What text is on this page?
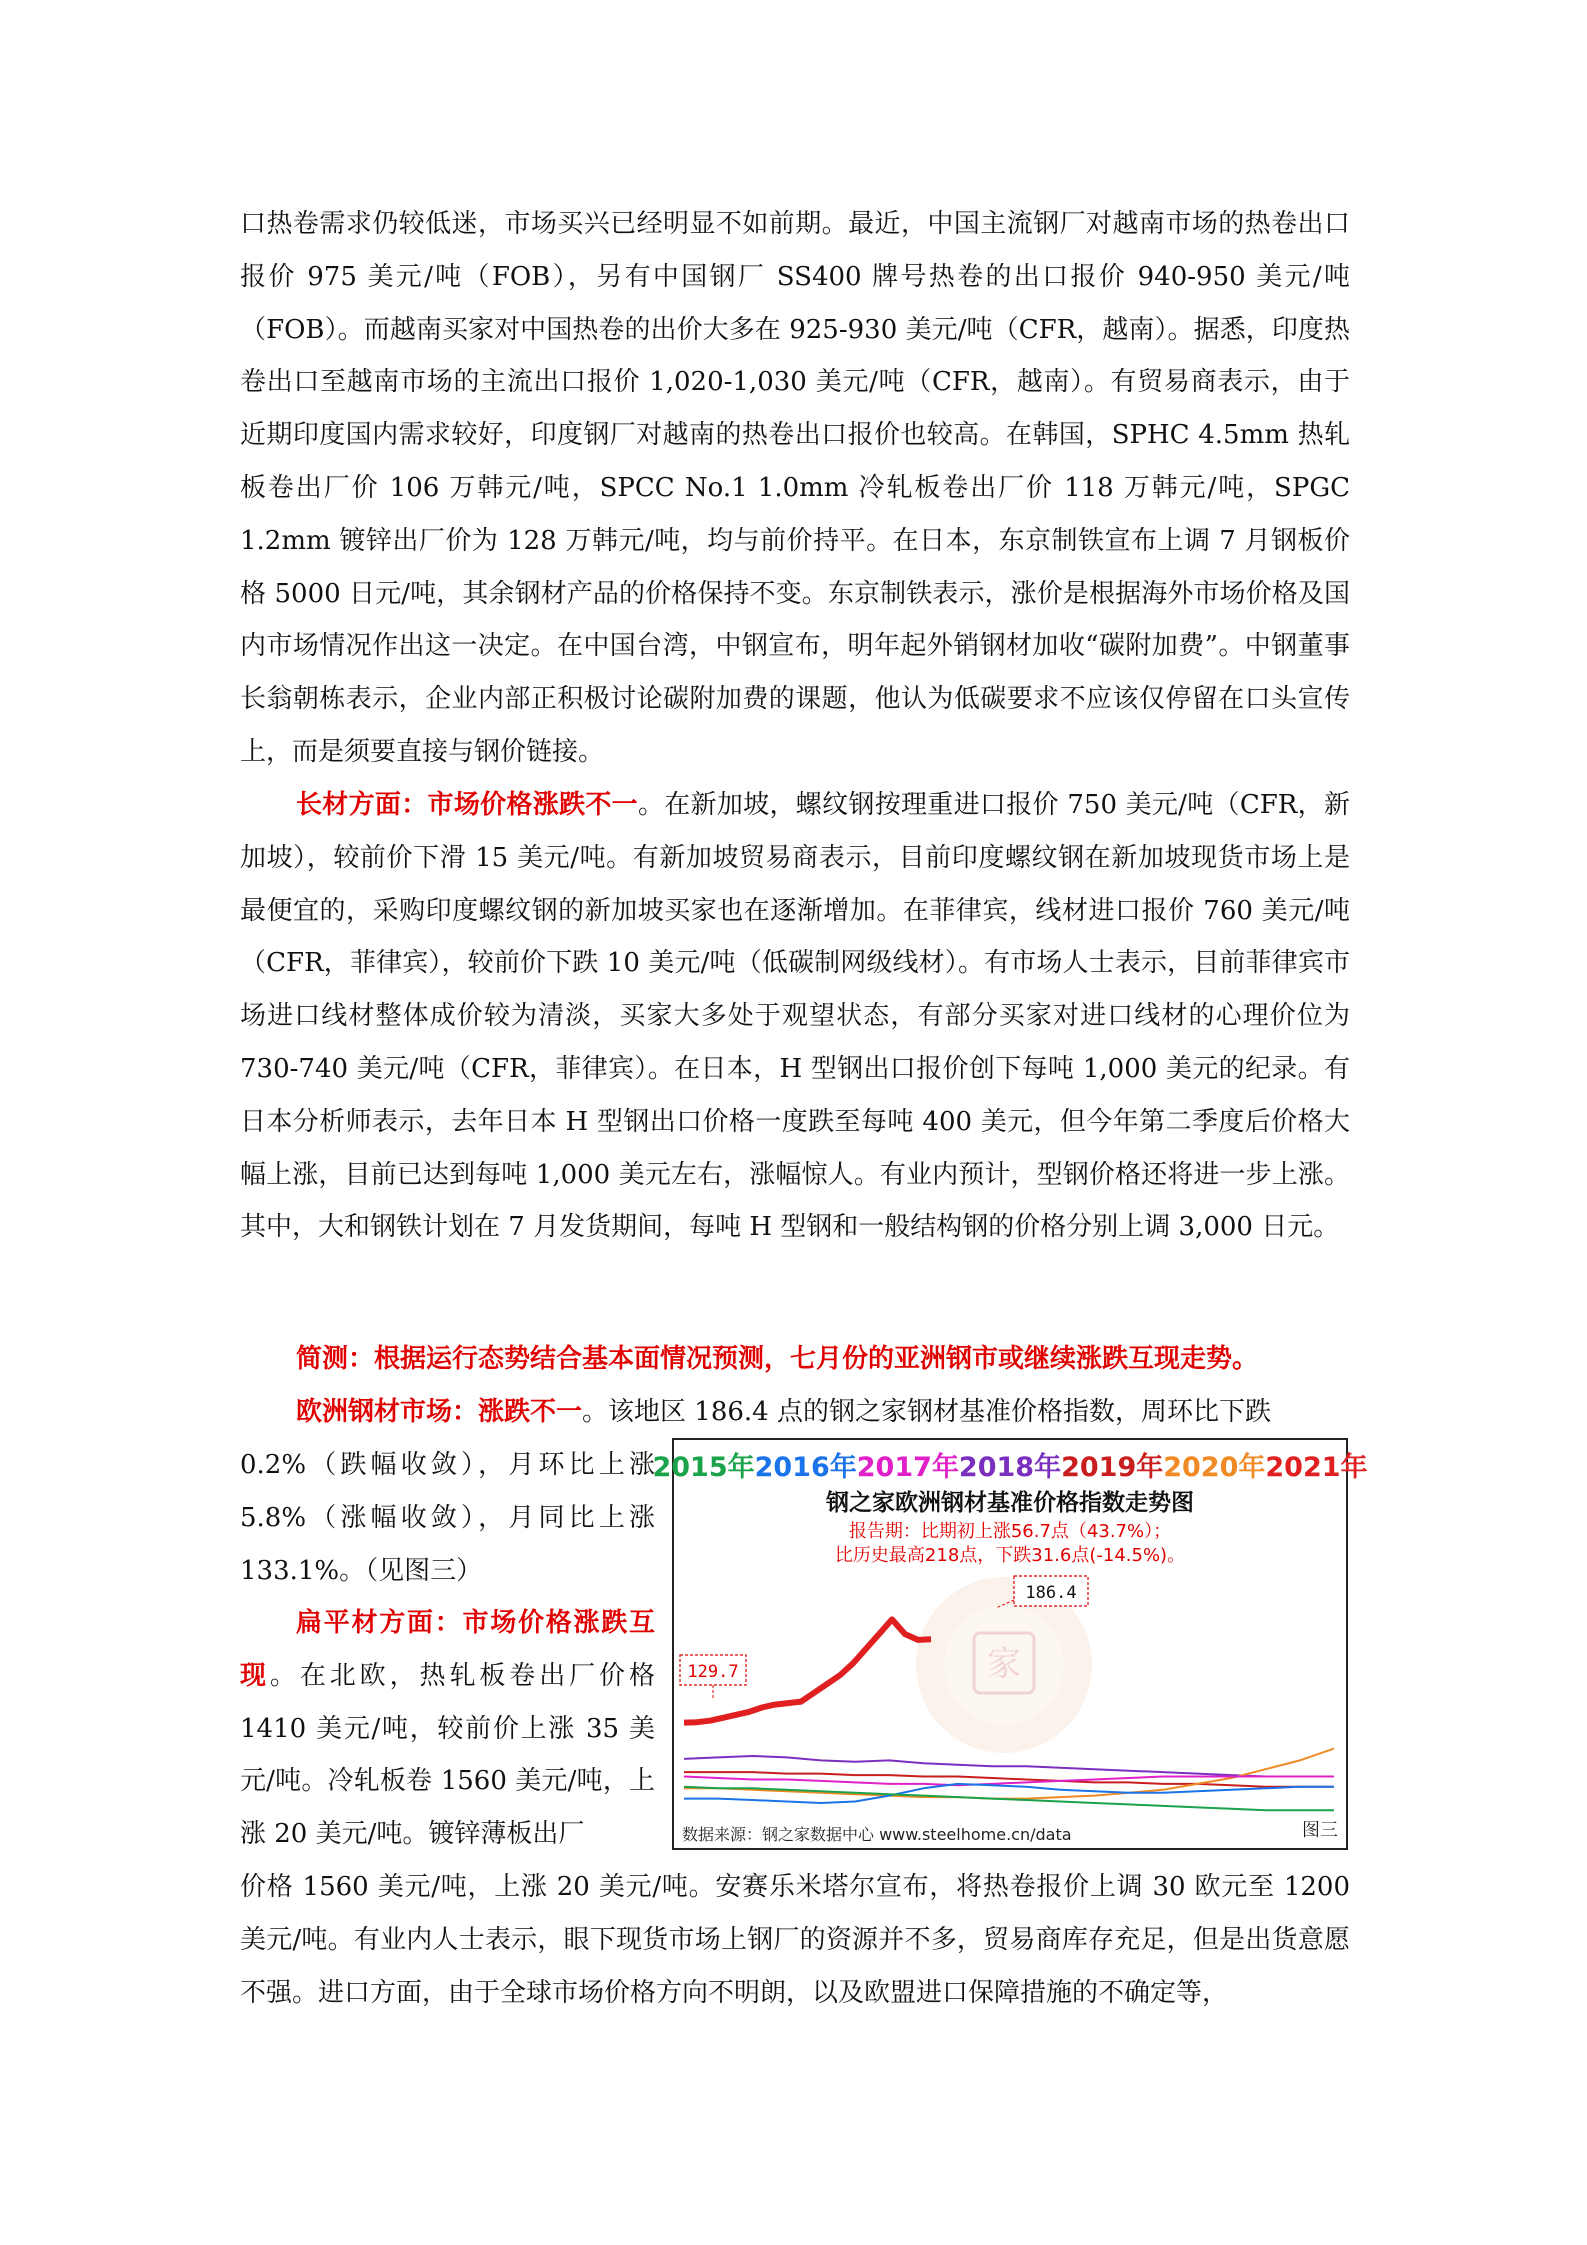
口热卷需求仍较低迷，市场买兴已经明显不如前期。最近，中国主流钢厂对越南市场的热卷出口报价 975 美元/吨（FOB），另有中国钢厂 SS400 牌号热卷的出口报价 940-950 美元/吨（FOB）。而越南买家对中国热卷的出价大多在 925-930 美元/吨（CFR，越南）。据悉，印度热卷出口至越南市场的主流出口报价 1,020-1,030 美元/吨（CFR，越南）。有贸易商表示，由于近期印度国内需求较好，印度钢厂对越南的热卷出口报价也较高。在韩国，SPHC 4.5mm 热轧板卷出厂价 106 万韩元/吨，SPCC No.1 1.0mm 冷轧板卷出厂价 118 万韩元/吨，SPGC 1.2mm 镀锌出厂价为 128 万韩元/吨，均与前价持平。在日本，东京制铁宣布上调 7 月钢板价格 5000 日元/吨，其余钢材产品的价格保持不变。东京制铁表示，涨价是根据海外市场价格及国内市场情况作出这一决定。在中国台湾，中钢宣布，明年起外销钢材加收“碳附加费”。中钢董事长翁朝栋表示，企业内部正积极讨论碳附加费的课题，他认为低碳要求不应该仅停留在口头宣传上，而是须要直接与钢价链接。

长材方面：市场价格涨跌不一。在新加坡，螺纹钢按理重进口报价 750 美元/吨（CFR，新加坡），较前价下滑 15 美元/吨。有新加坡贸易商表示，目前印度螺纹钢在新加坡现货市场上是最便宜的，采购印度螺纹钢的新加坡买家也在逐渐增加。在菲律宾，线材进口报价 760 美元/吨（CFR，菲律宾），较前价下跌 10 美元/吨（低碳制网级线材）。有市场人士表示，目前菲律宾市场进口线材整体成价较为清淡，买家大多处于观望状态，有部分买家对进口线材的心理价位为 730-740 美元/吨（CFR，菲律宾）。在日本，H 型钢出口报价创下每吨 1,000 美元的纪录。有日本分析师表示，去年日本 H 型钢出口价格一度跌至每吨 400 美元，但今年第二季度后价格大幅上涨，目前已达到每吨 1,000 美元左右，涨幅惊人。有业内预计，型钢价格还将进一步上涨。其中，大和钢铁计划在 7 月发货期间，每吨 H 型钢和一般结构钢的价格分别上调 3,000 日元。

简测：根据运行态势结合基本面情况预测，七月份的亚洲钢市或继续涨跌互现走势。

欧洲钢材市场：涨跌不一。该地区 186.4 点的钢之家钢材基准价格指数，周环比下跌

0.2%（跌幅收敛），月环比上涨 5.8%（涨幅收敛），月同比上涨 133.1%。（见图三）

扁平材方面：市场价格涨跌互现。在北欧，热轧板卷出厂价格 1410 美元/吨，较前价上涨 35 美元/吨。冷轧板卷 1560 美元/吨，上涨 20 美元/吨。镀锌薄板出厂

价格 1560 美元/吨，上涨 20 美元/吨。安赛乐米塔尔宣布，将热卷报价上调 30 欧元至 1200 美元/吨。有业内人士表示，眼下现货市场上钢厂的资源并不多，贸易商库存充足，但是出货意愿不强。进口方面，由于全球市场价格方向不明朗，以及欧盟进口保障措施的不确定等，

家
2015年2016年2017年2018年2019年2020年2021年
钢之家欧洲钢材基准价格指数走势图
报告期：比期初上涨56.7点（43.7%）；
比历史最高218点，下跌31.6点(-14.5%)。
129.7
186.4
数据来源：钢之家数据中心 www.steelhome.cn/data	图三
